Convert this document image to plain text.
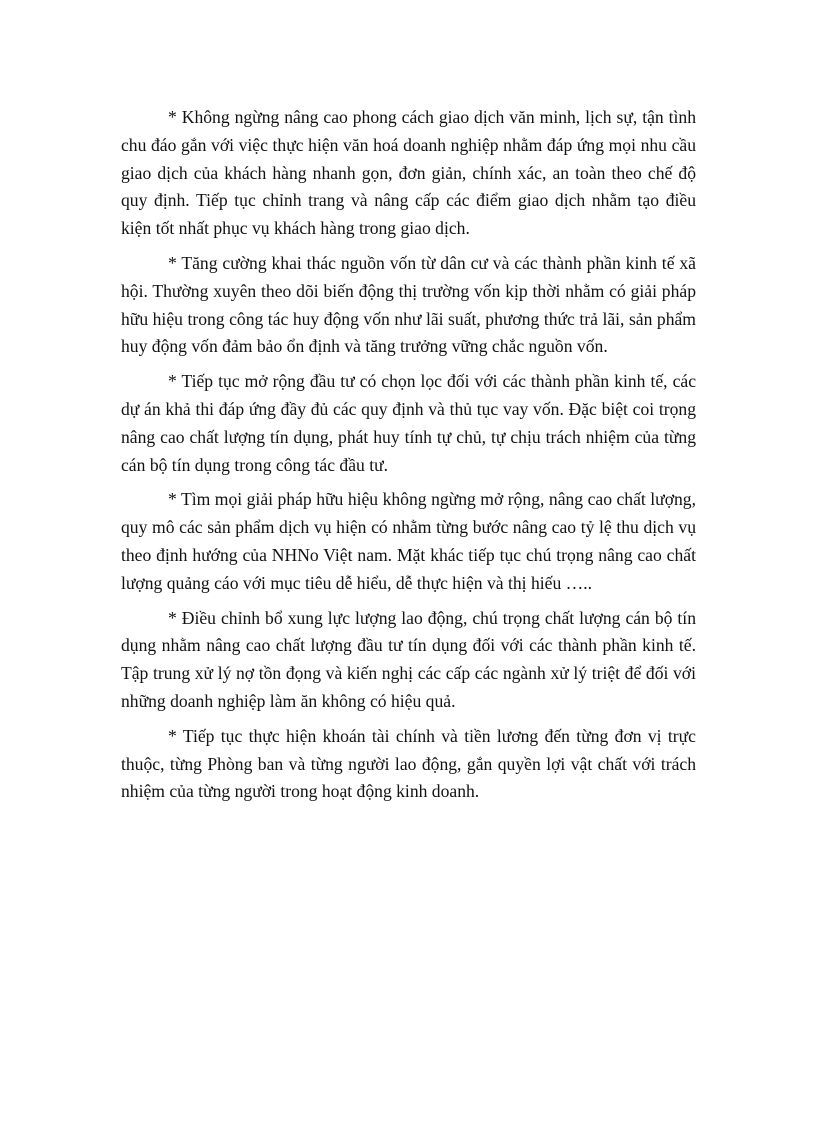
* Không ngừng nâng cao phong cách giao dịch văn minh, lịch sự, tận tình chu đáo gắn với việc thực hiện văn hoá doanh nghiệp nhằm đáp ứng mọi nhu cầu giao dịch của khách hàng nhanh gọn, đơn giản, chính xác, an toàn theo chế độ quy định. Tiếp tục chỉnh trang và nâng cấp các điểm giao dịch nhằm tạo điều kiện tốt nhất phục vụ khách hàng trong giao dịch.

* Tăng cường khai thác nguồn vốn từ dân cư và các thành phần kinh tế xã hội. Thường xuyên theo dõi biến động thị trường vốn kịp thời nhằm có giải pháp hữu hiệu trong công tác huy động vốn như lãi suất, phương thức trả lãi, sản phẩm huy động vốn đảm bảo ổn định và tăng trưởng vững chắc nguồn vốn.

* Tiếp tục mở rộng đầu tư có chọn lọc đối với các thành phần kinh tế, các dự án khả thi đáp ứng đầy đủ các quy định và thủ tục vay vốn. Đặc biệt coi trọng nâng cao chất lượng tín dụng, phát huy tính tự chủ, tự chịu trách nhiệm của từng cán bộ tín dụng trong công tác đầu tư.

* Tìm mọi giải pháp hữu hiệu không ngừng mở rộng, nâng cao chất lượng, quy mô các sản phẩm dịch vụ hiện có nhằm từng bước nâng cao tỷ lệ thu dịch vụ theo định hướng của NHNo Việt nam. Mặt khác tiếp tục chú trọng nâng cao chất lượng quảng cáo với mục tiêu dễ hiểu, dễ thực hiện và thị hiếu …..

* Điều chỉnh bổ xung lực lượng lao động, chú trọng chất lượng cán bộ tín dụng nhằm nâng cao chất lượng đầu tư tín dụng đối với các thành phần kinh tế. Tập trung xử lý nợ tồn đọng và kiến nghị các cấp các ngành xử lý triệt để đối với những doanh nghiệp làm ăn không có hiệu quả.

* Tiếp tục thực hiện khoán tài chính và tiền lương đến từng đơn vị trực thuộc, từng Phòng ban và từng người lao động, gắn quyền lợi vật chất với trách nhiệm của từng người trong hoạt động kinh doanh.
